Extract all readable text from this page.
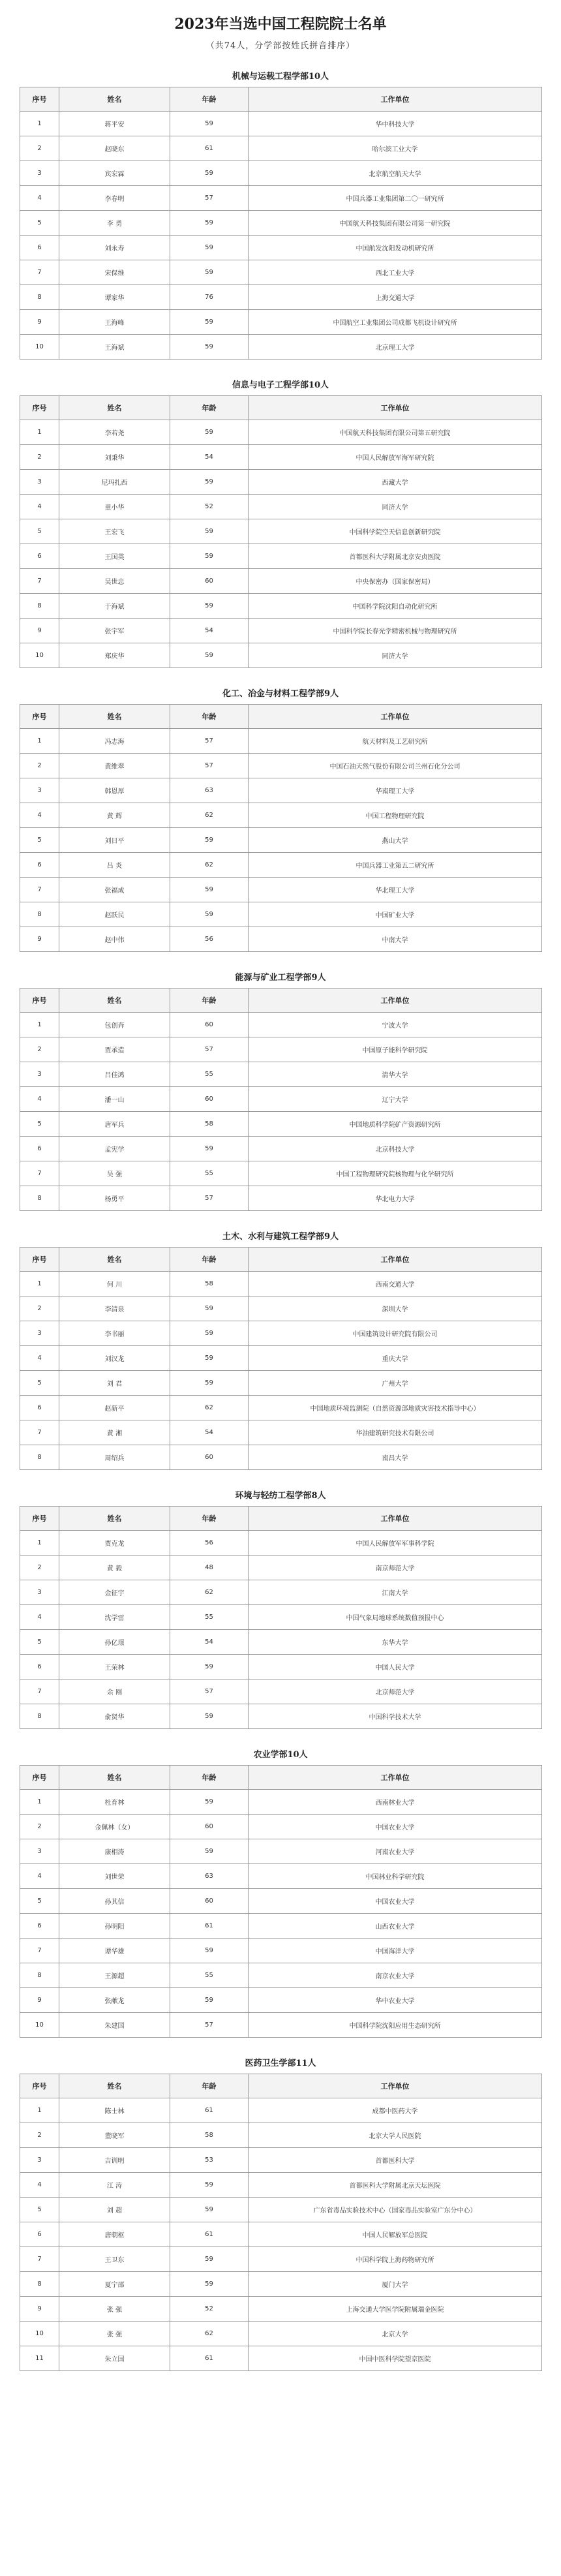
2023年当选中国工程院院士名单

（共74人，分学部按姓氏拼音排序）

机械与运载工程学部10人
序号	姓名	年龄	工作单位
1	蒋平安	59	华中科技大学
2	赵晓东	61	哈尔滨工业大学
3	宾宏霖	59	北京航空航天大学
4	李春明	57	中国兵器工业集团第二〇一研究所
5	李 勇	59	中国航天科技集团有限公司第一研究院
6	刘永寿	59	中国航发沈阳发动机研究所
7	宋保维	59	西北工业大学
8	谭家华	76	上海交通大学
9	王海峰	59	中国航空工业集团公司成都飞机设计研究所
10	王海斌	59	北京理工大学
信息与电子工程学部10人
序号	姓名	年龄	工作单位
1	李若尧	59	中国航天科技集团有限公司第五研究院
2	刘秉华	54	中国人民解放军海军研究院
3	尼玛扎西	59	西藏大学
4	童小华	52	同济大学
5	王宏飞	59	中国科学院空天信息创新研究院
6	王国英	59	首都医科大学附属北京安贞医院
7	吴世忠	60	中央保密办（国家保密局）
8	于海斌	59	中国科学院沈阳自动化研究所
9	张宇军	54	中国科学院长春光学精密机械与物理研究所
10	郑庆华	59	同济大学
化工、冶金与材料工程学部9人
序号	姓名	年龄	工作单位
1	冯志海	57	航天材料及工艺研究所
2	黄维翠	57	中国石油天然气股份有限公司兰州石化分公司
3	韩恩厚	63	华南理工大学
4	黄 辉	62	中国工程物理研究院
5	刘日平	59	燕山大学
6	吕 炎	62	中国兵器工业第五二研究所
7	张福成	59	华北理工大学
8	赵跃民	59	中国矿业大学
9	赵中伟	56	中南大学
能源与矿业工程学部9人
序号	姓名	年龄	工作单位
1	包创奔	60	宁波大学
2	贾承造	57	中国原子能科学研究院
3	吕佳鸿	55	清华大学
4	潘一山	60	辽宁大学
5	唐军兵	58	中国地质科学院矿产资源研究所
6	孟宪学	59	北京科技大学
7	吴 强	55	中国工程物理研究院核物理与化学研究所
8	杨勇平	57	华北电力大学
土木、水利与建筑工程学部9人
序号	姓名	年龄	工作单位
1	何 川	58	西南交通大学
2	李清泉	59	深圳大学
3	李书丽	59	中国建筑设计研究院有限公司
4	刘汉龙	59	重庆大学
5	刘 君	59	广州大学
6	赵新平	62	中国地质环境监测院（自然资源部地质灾害技术指导中心）
7	黄 湘	54	华油建筑研究技术有限公司
8	周绍兵	60	南昌大学
环境与轻纺工程学部8人
序号	姓名	年龄	工作单位
1	贾克龙	56	中国人民解放军军事科学院
2	黄 毅	48	南京师范大学
3	金征宇	62	江南大学
4	沈学雷	55	中国气象局地球系统数值预报中心
5	孙亿璟	54	东华大学
6	王荣林	59	中国人民大学
7	余 刚	57	北京师范大学
8	俞贤华	59	中国科学技术大学
农业学部10人
序号	姓名	年龄	工作单位
1	杜育林	59	西南林业大学
2	金佩林（女）	60	中国农业大学
3	康相涛	59	河南农业大学
4	刘世荣	63	中国林业科学研究院
5	孙其信	60	中国农业大学
6	孙明阳	61	山西农业大学
7	谭华雄	59	中国海洋大学
8	王源超	55	南京农业大学
9	张献龙	59	华中农业大学
10	朱建国	57	中国科学院沈阳应用生态研究所
医药卫生学部11人
序号	姓名	年龄	工作单位
1	陈士林	61	成都中医药大学
2	董晓军	58	北京大学人民医院
3	吉训明	53	首都医科大学
4	江 涛	59	首都医科大学附属北京天坛医院
5	刘 超	59	广东省毒品实验技术中心（国家毒品实验室广东分中心）
6	唐朝枢	61	中国人民解放军总医院
7	王卫东	59	中国科学院上海药物研究所
8	夏宁邵	59	厦门大学
9	张 强	52	上海交通大学医学院附属瑞金医院
10	张 强	62	北京大学
11	朱立国	61	中国中医科学院望京医院
